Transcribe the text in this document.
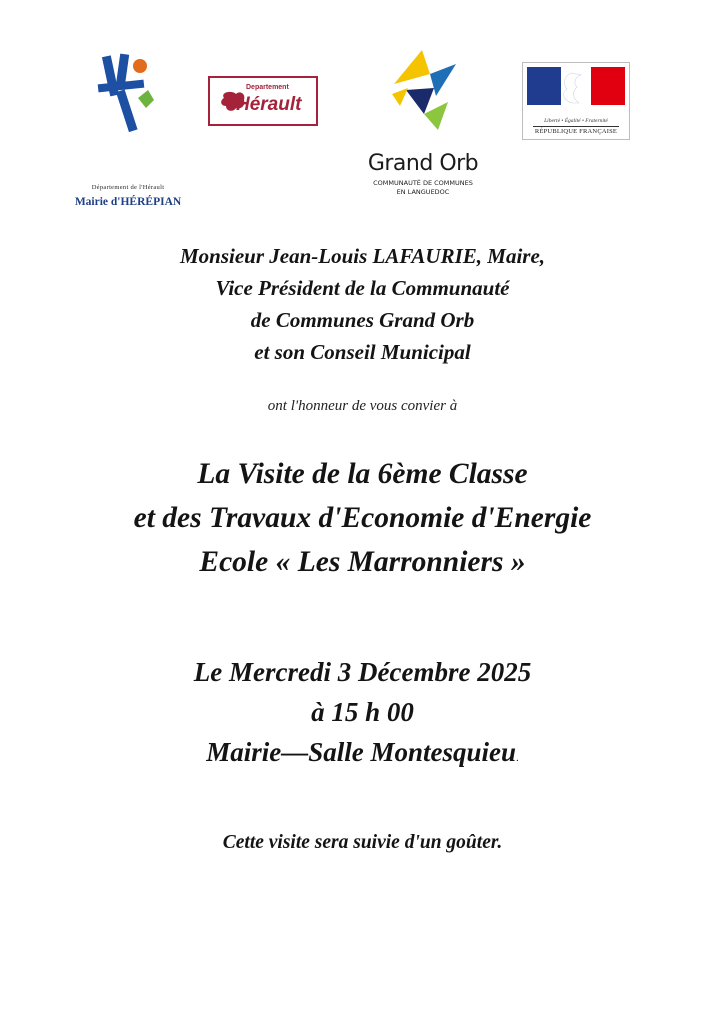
Département de l'Hérault
Mairie d'HÉRÉPIAN
Departement
Hérault
Grand Orb
COMMUNAUTÉ DE COMMUNES
EN LANGUEDOC
Liberté • Égalité • Fraternité
RÉPUBLIQUE FRANÇAISE
Monsieur Jean-Louis LAFAURIE, Maire,
Vice Président de la Communauté
de Communes Grand Orb
et son Conseil Municipal
ont l'honneur de vous convier à
La Visite de la 6ème Classe
et des Travaux d'Economie d'Energie
Ecole « Les Marronniers »
Le Mercredi 3 Décembre 2025
à 15 h 00
Mairie—Salle Montesquieu.
Cette visite sera suivie d'un goûter.
